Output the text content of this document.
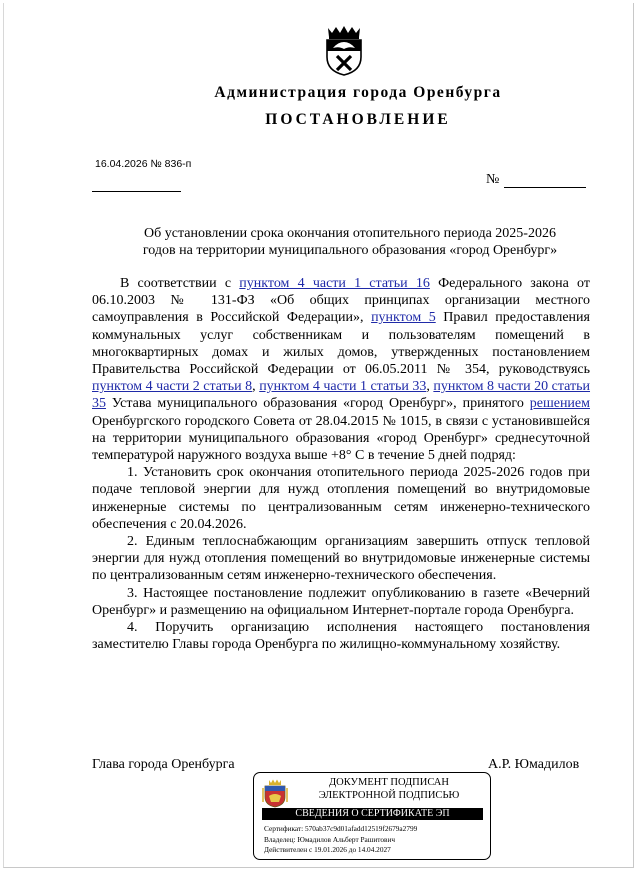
Администрация города Оренбурга
ПОСТАНОВЛЕНИЕ
16.04.2026 № 836-п
№
Об установлении срока окончания отопительного периода 2025-2026
годов на территории муниципального образования «город Оренбург»

В соответствии с пунктом 4 части 1 статьи 16 Федерального закона от 06.10.2003 № 131-ФЗ «Об общих принципах организации местного самоуправления в Российской Федерации», пунктом 5 Правил предоставления коммунальных услуг собственникам и пользователям помещений в многоквартирных домах и жилых домов, утвержденных постановлением Правительства Российской Федерации от 06.05.2011 № 354, руководствуясь пунктом 4 части 2 статьи 8, пунктом 4 части 1 статьи 33, пунктом 8 части 20 статьи 35 Устава муниципального образования «город Оренбург», принятого решением Оренбургского городского Совета от 28.04.2015 № 1015, в связи с установившейся на территории муниципального образования «город Оренбург» среднесуточной температурой наружного воздуха выше +8° С в течение 5 дней подряд:

1. Установить срок окончания отопительного периода 2025-2026 годов при подаче тепловой энергии для нужд отопления помещений во внутридомовые инженерные системы по централизованным сетям инженерно-технического обеспечения с 20.04.2026.

2. Единым теплоснабжающим организациям завершить отпуск тепловой энергии для нужд отопления помещений во внутридомовые инженерные системы по централизованным сетям инженерно-технического обеспечения.

3. Настоящее постановление подлежит опубликованию в газете «Вечерний Оренбург» и размещению на официальном Интернет-портале города Оренбурга.

4. Поручить организацию исполнения настоящего постановления заместителю Главы города Оренбурга по жилищно-коммунальному хозяйству.

Глава города Оренбурга	А.Р. Юмадилов
ДОКУМЕНТ ПОДПИСАН
ЭЛЕКТРОННОЙ ПОДПИСЬЮ
СВЕДЕНИЯ О СЕРТИФИКАТЕ ЭП
Сертификат: 570ab37c9d01afadd12519f2679a2799
Владелец: Юмадилов Альберт Рашитович
Действителен с 19.01.2026 до 14.04.2027
